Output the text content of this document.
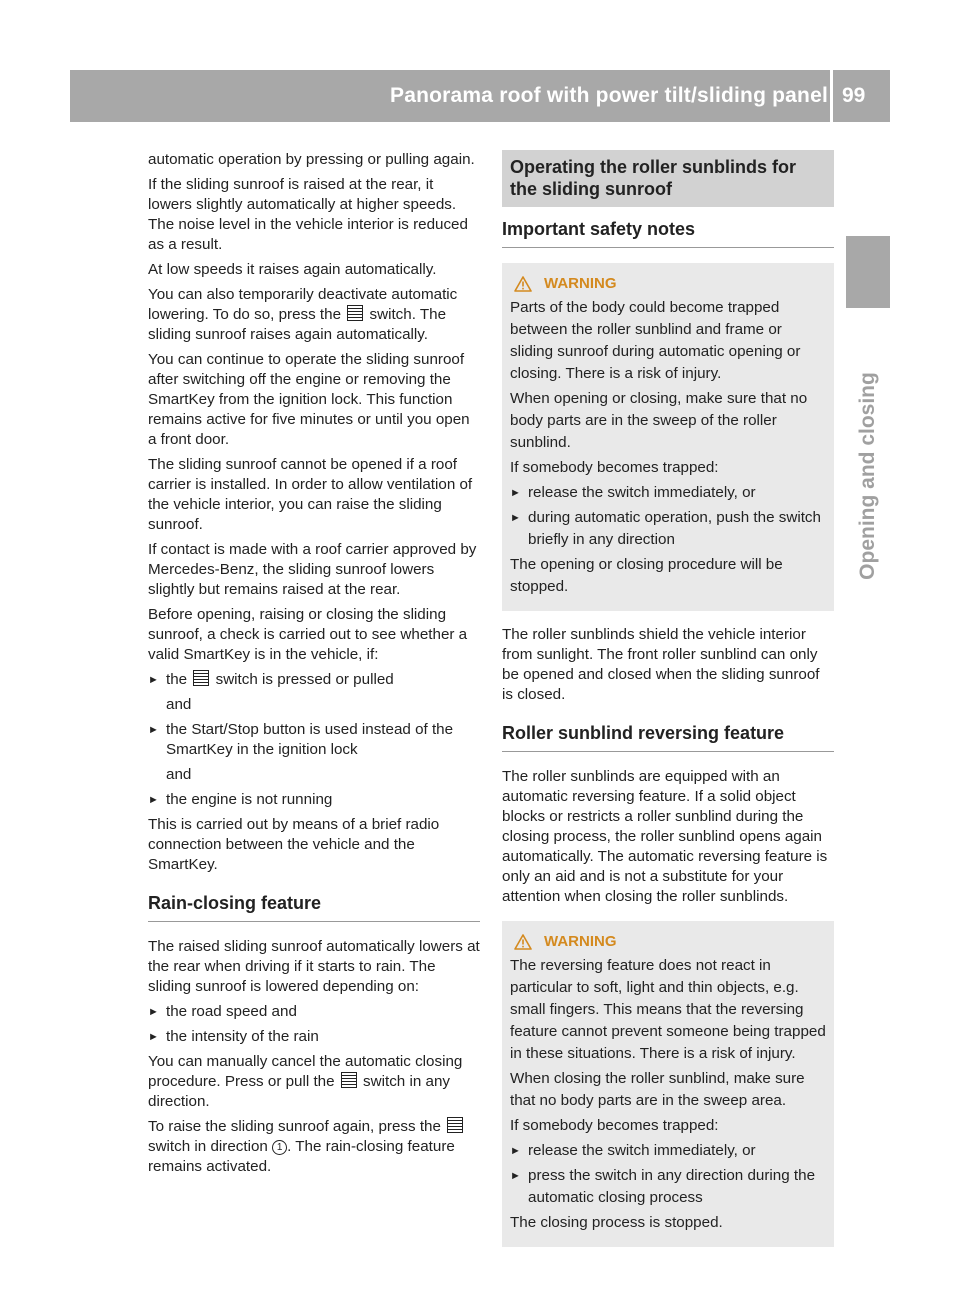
Panorama roof with power tilt/sliding panel 99
Opening and closing

automatic operation by pressing or pulling again.

If the sliding sunroof is raised at the rear, it lowers slightly automatically at higher speeds. The noise level in the vehicle interior is reduced as a result.

At low speeds it raises again automatically.

You can also temporarily deactivate automatic lowering. To do so, press the switch. The sliding sunroof raises again automatically.

You can continue to operate the sliding sunroof after switching off the engine or removing the SmartKey from the ignition lock. This function remains active for five minutes or until you open a front door.

The sliding sunroof cannot be opened if a roof carrier is installed. In order to allow ventilation of the vehicle interior, you can raise the sliding sunroof.

If contact is made with a roof carrier approved by Mercedes-Benz, the sliding sunroof lowers slightly but remains raised at the rear.

Before opening, raising or closing the sliding sunroof, a check is carried out to see whether a valid SmartKey is in the vehicle, if:

► the switch is pressed or pulled
and
► the Start/Stop button is used instead of the SmartKey in the ignition lock
and
► the engine is not running

This is carried out by means of a brief radio connection between the vehicle and the SmartKey.

Rain-closing feature

The raised sliding sunroof automatically lowers at the rear when driving if it starts to rain. The sliding sunroof is lowered depending on:

► the road speed and
► the intensity of the rain

You can manually cancel the automatic closing procedure. Press or pull the switch in any direction.

To raise the sliding sunroof again, press the  switch in direction 1 . The rain-closing feature remains activated.

Operating the roller sunblinds for the sliding sunroof
Important safety notes
WARNING

Parts of the body could become trapped between the roller sunblind and frame or sliding sunroof during automatic opening or closing. There is a risk of injury.

When opening or closing, make sure that no body parts are in the sweep of the roller sunblind.

If somebody becomes trapped:

► release the switch immediately, or
► during automatic operation, push the switch briefly in any direction

The opening or closing procedure will be stopped.

The roller sunblinds shield the vehicle interior from sunlight. The front roller sunblind can only be opened and closed when the sliding sunroof is closed.

Roller sunblind reversing feature

The roller sunblinds are equipped with an automatic reversing feature. If a solid object blocks or restricts a roller sunblind during the closing process, the roller sunblind opens again automatically. The automatic reversing feature is only an aid and is not a substitute for your attention when closing the roller sunblinds.

WARNING

The reversing feature does not react in particular to soft, light and thin objects, e.g. small fingers. This means that the reversing feature cannot prevent someone being trapped in these situations. There is a risk of injury.

When closing the roller sunblind, make sure that no body parts are in the sweep area.

If somebody becomes trapped:

► release the switch immediately, or
► press the switch in any direction during the automatic closing process

The closing process is stopped.
